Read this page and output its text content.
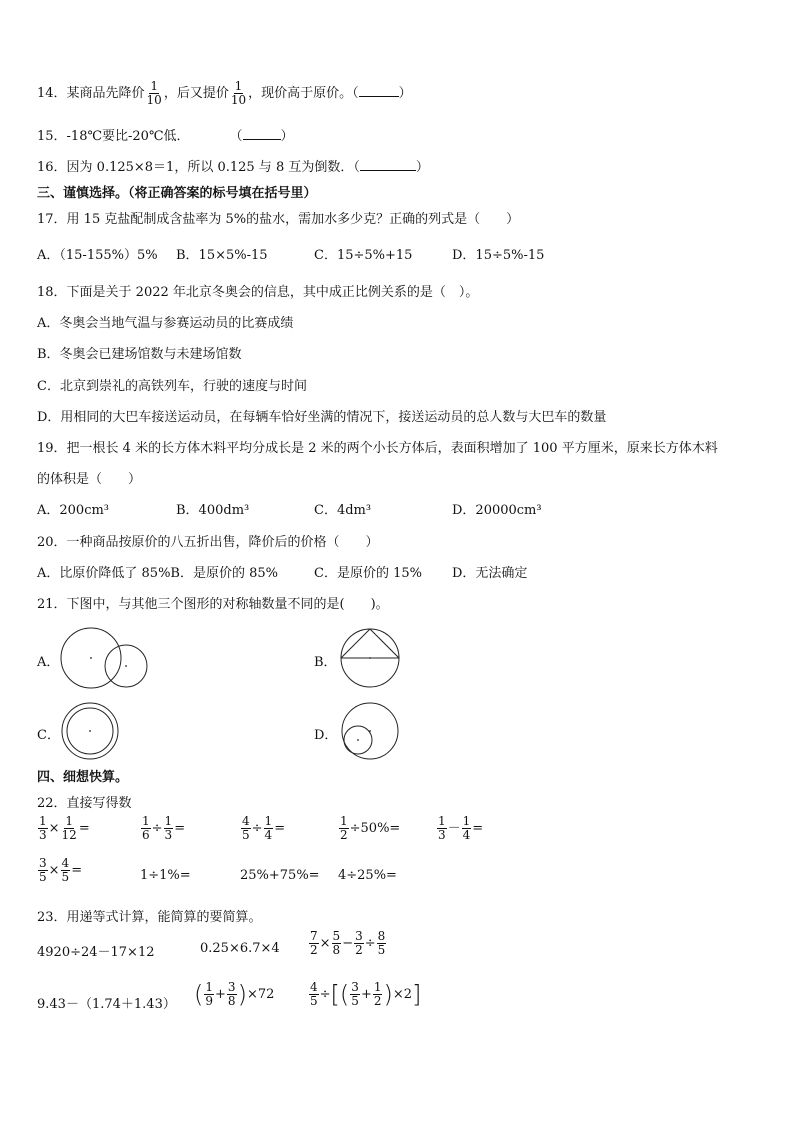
14．某商品先降价 $\frac{1}{10}$ ，后又提价 $\frac{1}{10}$ ，现价高于原价。（	）
15．-18℃要比-20℃低．	（	）
16．因为 0.125×8＝1，所以 0.125 与 8 互为倒数．（	）
三、谨慎选择。（将正确答案的标号填在括号里）
17．用 15 克盐配制成含盐率为 5%的盐水，需加水多少克？正确的列式是（　　）
A．（15-155%）5% B．15×5%-15	C．15÷5%+15	D．15÷5%-15
18．下面是关于 2022 年北京冬奥会的信息，其中成正比例关系的是（　）。
A．冬奥会当地气温与参赛运动员的比赛成绩
B．冬奥会已建场馆数与未建场馆数
C．北京到崇礼的高铁列车，行驶的速度与时间
D．用相同的大巴车接送运动员，在每辆车恰好坐满的情况下，接送运动员的总人数与大巴车的数量
19．把一根长 4 米的长方体木料平均分成长是 2 米的两个小长方体后，表面积增加了 100 平方厘米，原来长方体木料
的体积是（　　）
A．200cm³	B．400dm³	C．4dm³	D．20000cm³
20．一种商品按原价的八五折出售，降价后的价格（　　）
A．比原价降低了 85%B．是原价的 85%	C．是原价的 15% D．无法确定
21．下图中，与其他三个图形的对称轴数量不同的是(　　)。
A．	B．
C．	D．
四、细想快算。
22．直接写得数
$\frac{1}{3} \times \frac{1}{12}$ =	$\frac{1}{6} \div \frac{1}{3}$ =	$\frac{4}{5} \div \frac{1}{4}$ =	$\frac{1}{2} \div 50\%=$	$\frac{1}{3} - \frac{1}{4}$ =
$\frac{3}{5} \times \frac{4}{5}$ =	1÷1%=	25%+75%= 4÷25%=
23．用递等式计算，能简算的要简算。
4920÷24－17×12	$0.25\times 6.7\times 4 \frac{7}{2} \times \frac{5}{8} - \frac{3}{2} \div \frac{8}{5}$
9.43－（1.74＋1.43） ( $\frac{1}{9} + \frac{3}{8} )\times 72$	$\frac{4}{5}$ ÷[( $\frac{3}{5} + \frac{1}{2} )\times 2$]
